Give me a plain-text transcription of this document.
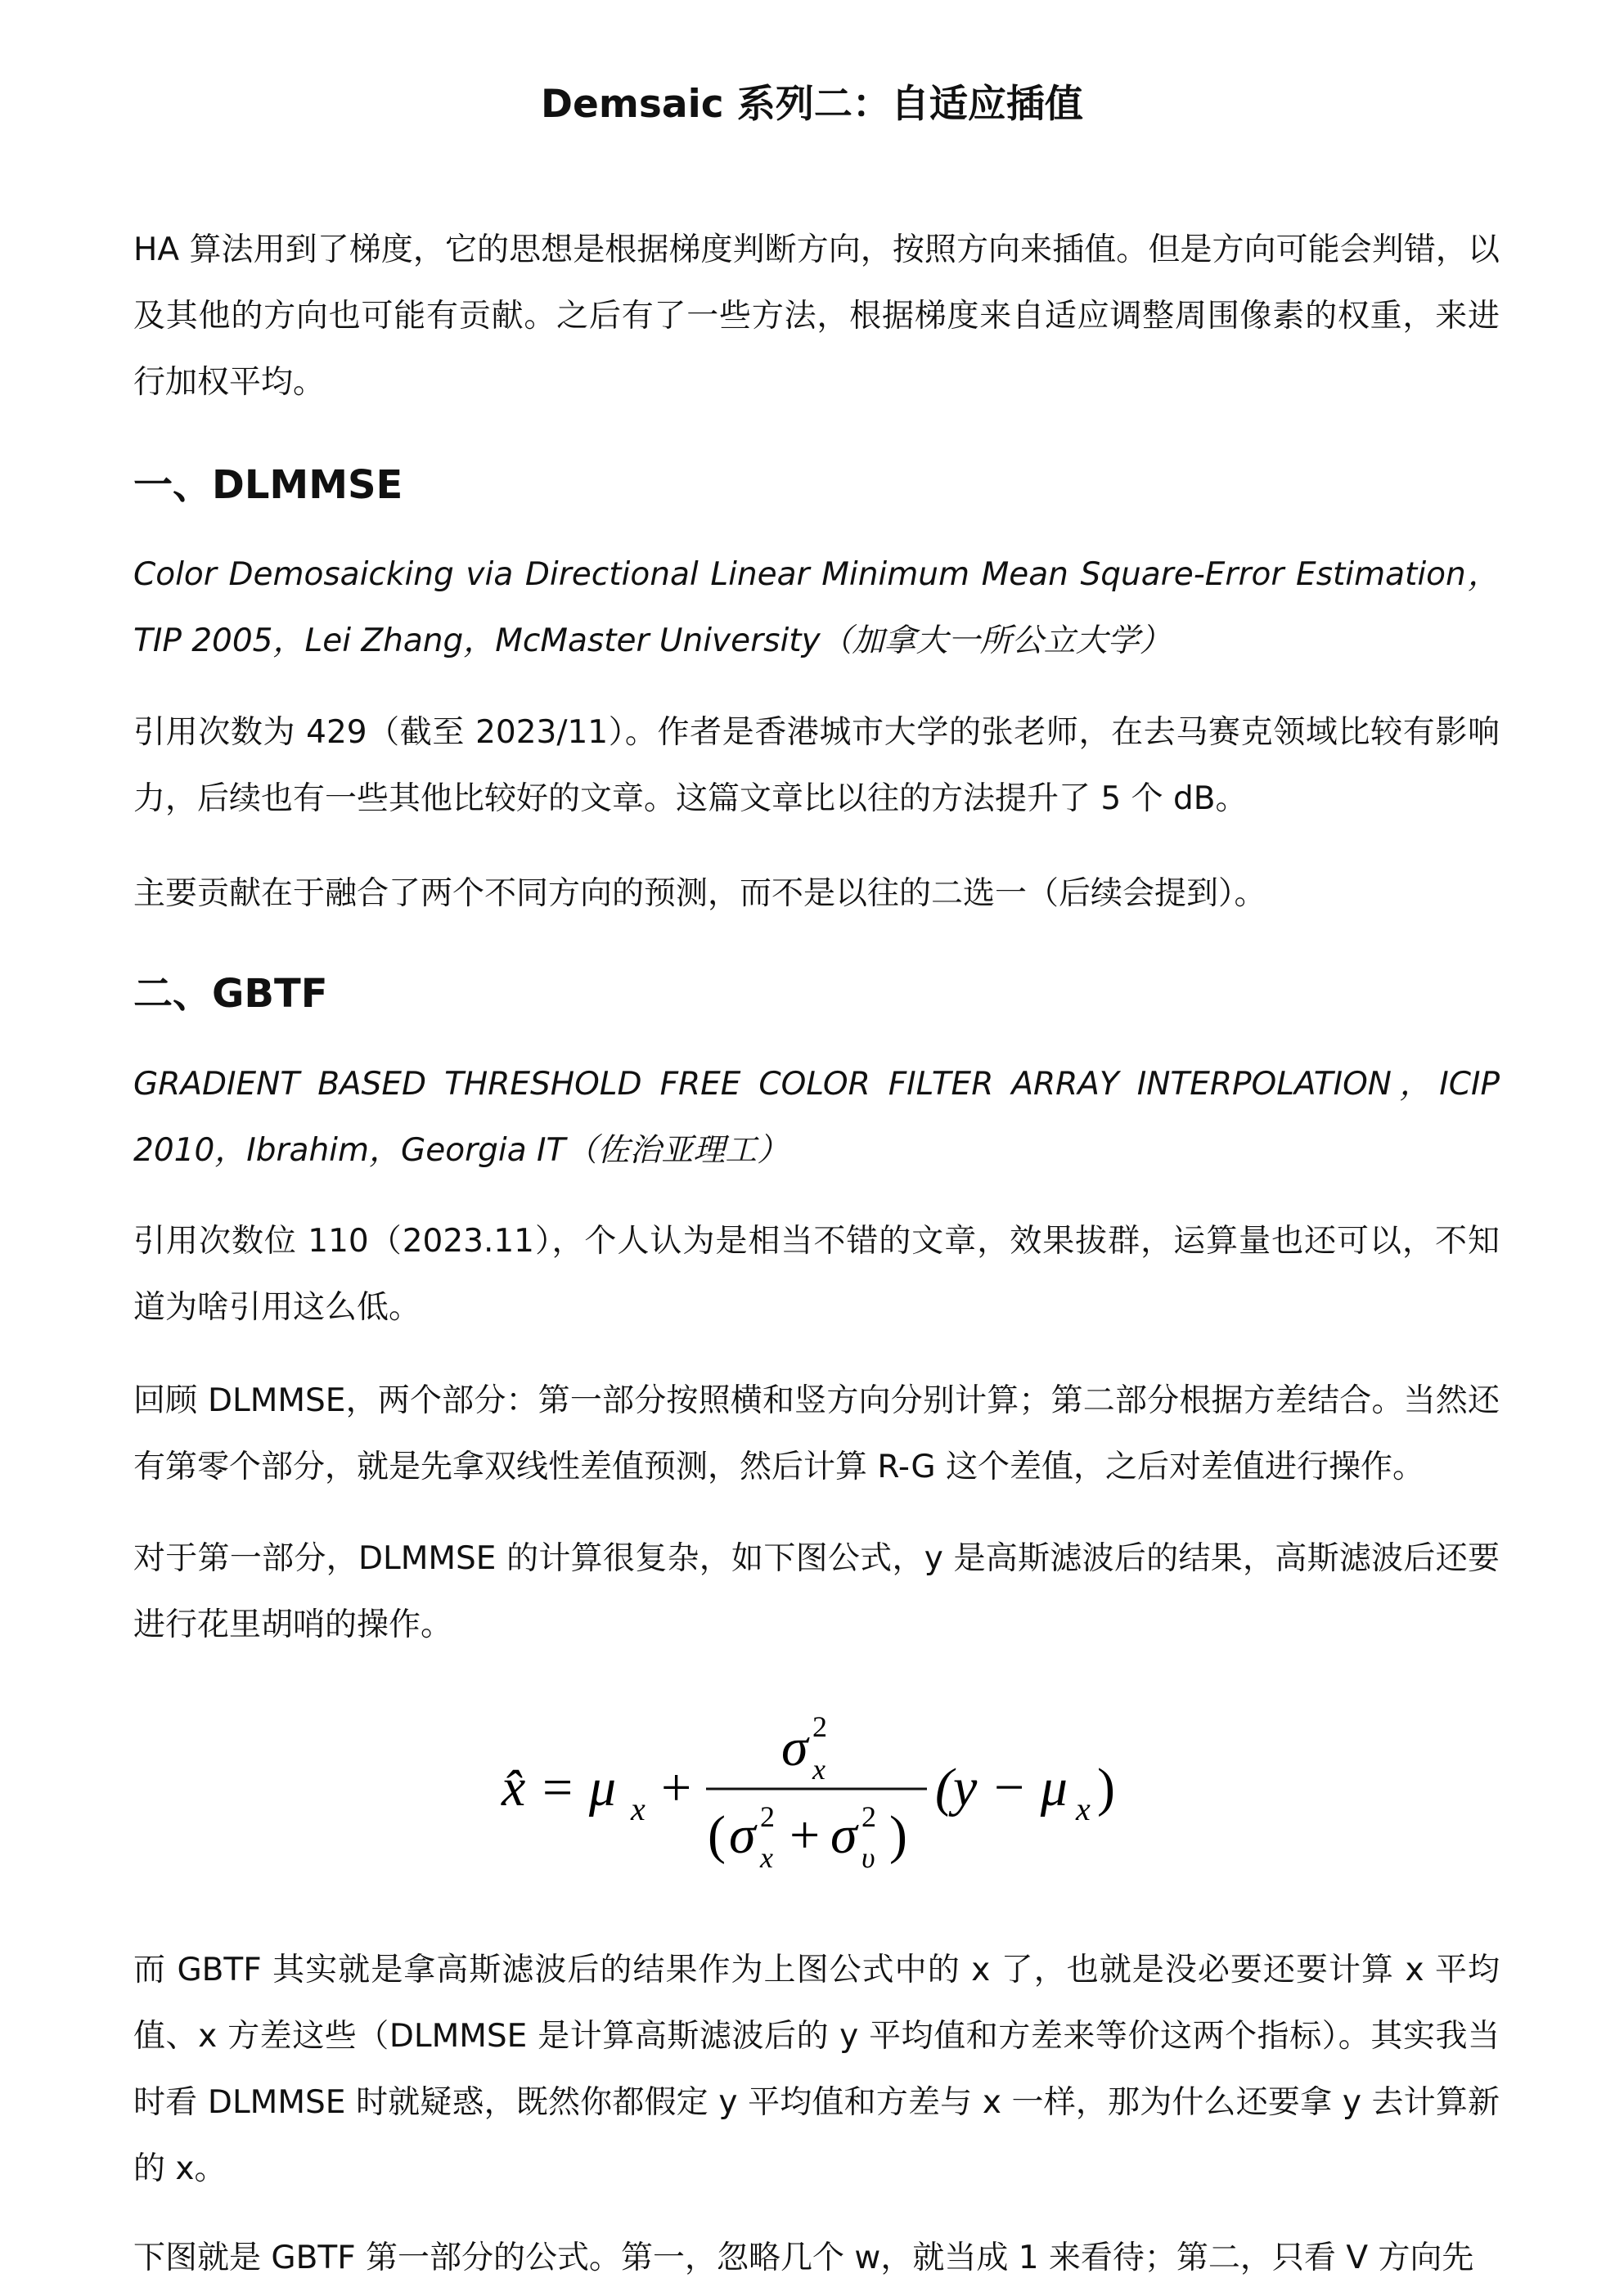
Demsaic 系列二：自适应插值
HA 算法用到了梯度，它的思想是根据梯度判断方向，按照方向来插值。但是方向可能会判错，以及其他的方向也可能有贡献。之后有了一些方法，根据梯度来自适应调整周围像素的权重，来进行加权平均。
一、DLMMSE
Color Demosaicking via Directional Linear Minimum Mean Square-Error Estimation，TIP 2005，Lei Zhang，McMaster University（加拿大一所公立大学）
引用次数为 429（截至 2023/11）。作者是香港城市大学的张老师，在去马赛克领域比较有影响力，后续也有一些其他比较好的文章。这篇文章比以往的方法提升了 5 个 dB。
主要贡献在于融合了两个不同方向的预测，而不是以往的二选一（后续会提到）。
二、GBTF
GRADIENT BASED THRESHOLD FREE COLOR FILTER ARRAY INTERPOLATION，ICIP 2010，Ibrahim，Georgia IT（佐治亚理工）
引用次数位 110（2023.11），个人认为是相当不错的文章，效果拔群，运算量也还可以，不知道为啥引用这么低。
回顾 DLMMSE，两个部分：第一部分按照横和竖方向分别计算；第二部分根据方差结合。当然还有第零个部分，就是先拿双线性差值预测，然后计算 R-G 这个差值，之后对差值进行操作。
对于第一部分，DLMMSE 的计算很复杂，如下图公式，y 是高斯滤波后的结果，高斯滤波后还要进行花里胡哨的操作。
x̂ = μ x +
σ 2
x
( σ 2
x + σ 2
υ )
(y − μ x )
而 GBTF 其实就是拿高斯滤波后的结果作为上图公式中的 x 了，也就是没必要还要计算 x 平均值、x 方差这些（DLMMSE 是计算高斯滤波后的 y 平均值和方差来等价这两个指标）。其实我当时看 DLMMSE 时就疑惑，既然你都假定 y 平均值和方差与 x 一样，那为什么还要拿 y 去计算新的 x。
下图就是 GBTF 第一部分的公式。第一，忽略几个 w，就当成 1 来看待；第二，只看 V 方向先
